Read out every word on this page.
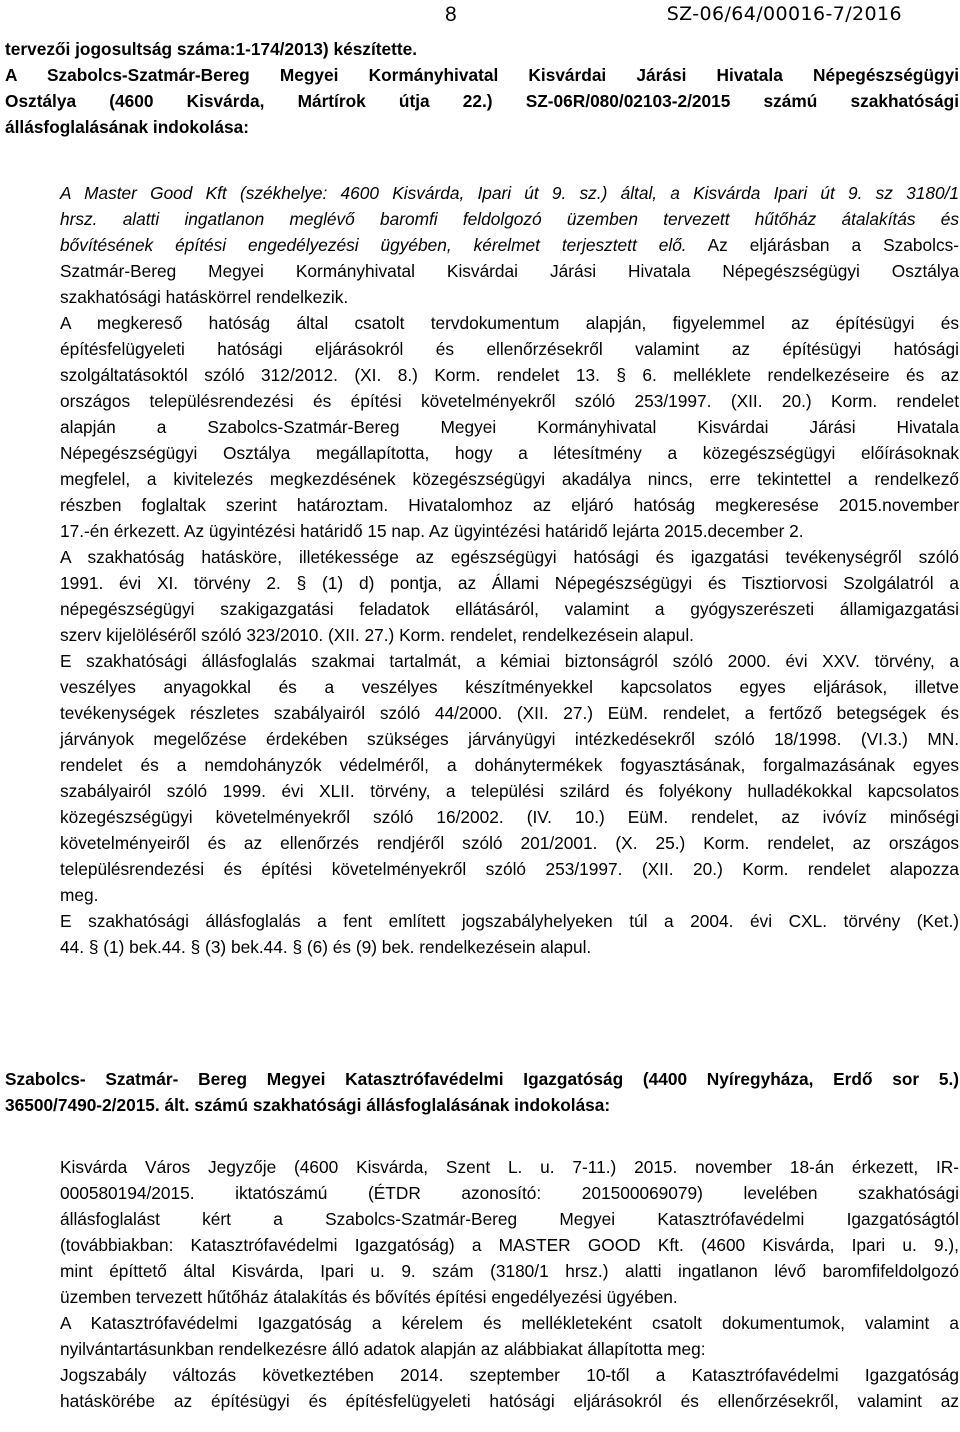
8	SZ-06/64/00016-7/2016
tervezői jogosultság száma:1-174/2013) készítette.
A Szabolcs-Szatmár-Bereg Megyei Kormányhivatal Kisvárdai Járási Hivatala Népegészségügyi
Osztálya (4600 Kisvárda, Mártírok útja 22.) SZ-06R/080/02103-2/2015 számú szakhatósági
állásfoglalásának indokolása:
A Master Good Kft (székhelye: 4600 Kisvárda, Ipari út 9. sz.) által, a Kisvárda Ipari út 9. sz 3180/1
hrsz. alatti ingatlanon meglévő baromfi feldolgozó üzemben tervezett hűtőház átalakítás és
bővítésének építési engedélyezési ügyében, kérelmet terjesztett elő. Az eljárásban a Szabolcs-
Szatmár-Bereg Megyei Kormányhivatal Kisvárdai Járási Hivatala Népegészségügyi Osztálya
szakhatósági hatáskörrel rendelkezik.
A megkereső hatóság által csatolt tervdokumentum alapján, figyelemmel az építésügyi és
építésfelügyeleti hatósági eljárásokról és ellenőrzésekről valamint az építésügyi hatósági
szolgáltatásoktól szóló 312/2012. (XI. 8.) Korm. rendelet 13. § 6. melléklete rendelkezéseire és az
országos településrendezési és építési követelményekről szóló 253/1997. (XII. 20.) Korm. rendelet
alapján a Szabolcs-Szatmár-Bereg Megyei Kormányhivatal Kisvárdai Járási Hivatala
Népegészségügyi Osztálya megállapította, hogy a létesítmény a közegészségügyi előírásoknak
megfelel, a kivitelezés megkezdésének közegészségügyi akadálya nincs, erre tekintettel a rendelkező
részben foglaltak szerint határoztam. Hivatalomhoz az eljáró hatóság megkeresése 2015.november
17.-én érkezett. Az ügyintézési határidő 15 nap. Az ügyintézési határidő lejárta 2015.december 2.
A szakhatóság hatásköre, illetékessége az egészségügyi hatósági és igazgatási tevékenységről szóló
1991. évi XI. törvény 2. § (1) d) pontja, az Állami Népegészségügyi és Tisztiorvosi Szolgálatról a
népegészségügyi szakigazgatási feladatok ellátásáról, valamint a gyógyszerészeti államigazgatási
szerv kijelöléséről szóló 323/2010. (XII. 27.) Korm. rendelet, rendelkezésein alapul.
E szakhatósági állásfoglalás szakmai tartalmát, a kémiai biztonságról szóló 2000. évi XXV. törvény, a
veszélyes anyagokkal és a veszélyes készítményekkel kapcsolatos egyes eljárások, illetve
tevékenységek részletes szabályairól szóló 44/2000. (XII. 27.) EüM. rendelet, a fertőző betegségek és
járványok megelőzése érdekében szükséges járványügyi intézkedésekről szóló 18/1998. (VI.3.) MN.
rendelet és a nemdohányzók védelméről, a dohánytermékek fogyasztásának, forgalmazásának egyes
szabályairól szóló 1999. évi XLII. törvény, a települési szilárd és folyékony hulladékokkal kapcsolatos
közegészségügyi követelményekről szóló 16/2002. (IV. 10.) EüM. rendelet, az ivóvíz minőségi
követelményeiről és az ellenőrzés rendjéről szóló 201/2001. (X. 25.) Korm. rendelet, az országos
településrendezési és építési követelményekről szóló 253/1997. (XII. 20.) Korm. rendelet alapozza
meg.
E szakhatósági állásfoglalás a fent említett jogszabályhelyeken túl a 2004. évi CXL. törvény (Ket.)
44. § (1) bek.44. § (3) bek.44. § (6) és (9) bek. rendelkezésein alapul.
Szabolcs- Szatmár- Bereg Megyei Katasztrófavédelmi Igazgatóság (4400 Nyíregyháza, Erdő sor 5.)
36500/7490-2/2015. ált. számú szakhatósági állásfoglalásának indokolása:
Kisvárda Város Jegyzője (4600 Kisvárda, Szent L. u. 7-11.) 2015. november 18-án érkezett, IR-
000580194/2015. iktatószámú (ÉTDR azonosító: 201500069079) levelében szakhatósági
állásfoglalást kért a Szabolcs-Szatmár-Bereg Megyei Katasztrófavédelmi Igazgatóságtól
(továbbiakban: Katasztrófavédelmi Igazgatóság) a MASTER GOOD Kft. (4600 Kisvárda, Ipari u. 9.),
mint építtető által Kisvárda, Ipari u. 9. szám (3180/1 hrsz.) alatti ingatlanon lévő baromfifeldolgozó
üzemben tervezett hűtőház átalakítás és bővítés építési engedélyezési ügyében.
A Katasztrófavédelmi Igazgatóság a kérelem és mellékleteként csatolt dokumentumok, valamint a
nyilvántartásunkban rendelkezésre álló adatok alapján az alábbiakat állapította meg:
Jogszabály változás következtében 2014. szeptember 10-től a Katasztrófavédelmi Igazgatóság
hatáskörébe az építésügyi és építésfelügyeleti hatósági eljárásokról és ellenőrzésekről, valamint az
